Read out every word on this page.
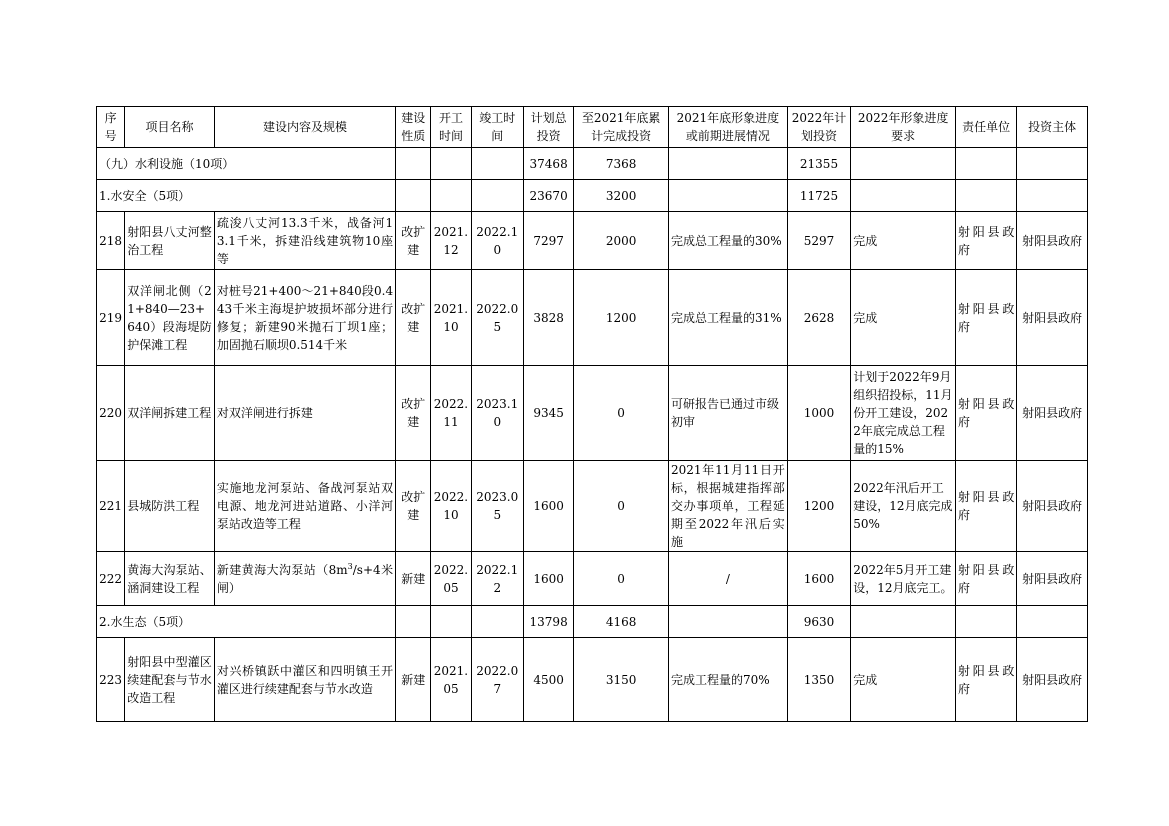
序号	项目名称	建设内容及规模	建设性质	开工时间	竣工时间	计划总投资	至2021年底累计完成投资	2021年底形象进度或前期进展情况	2022年计划投资	2022年形象进度要求	责任单位	投资主体
（九）水利设施（10项）						37468	7368		21355			
1.水安全（5项）						23670	3200		11725			
218	射阳县八丈河整治工程	疏浚八丈河13.3千米，战备河13.1千米，拆建沿线建筑物10座等	改扩建	2021.12	2022.10	7297	2000	完成总工程量的30%	5297	完成	射阳县政府	射阳县政府
219	双洋闸北侧（21+840—23+640）段海堤防护保滩工程	对桩号21+400～21+840段0.443千米主海堤护坡损坏部分进行修复；新建90米抛石丁坝1座；加固抛石顺坝0.514千米	改扩建	2021.10	2022.05	3828	1200	完成总工程量的31%	2628	完成	射阳县政府	射阳县政府
220	双洋闸拆建工程	对双洋闸进行拆建	改扩建	2022.11	2023.10	9345	0	可研报告已通过市级初审	1000	计划于2022年9月组织招投标，11月份开工建设，2022年底完成总工程量的15%	射阳县政府	射阳县政府
221	县城防洪工程	实施地龙河泵站、备战河泵站双电源、地龙河进站道路、小洋河泵站改造等工程	改扩建	2022.10	2023.05	1600	0	2021年11月11日开标，根据城建指挥部交办事项单，工程延期至2022年汛后实施	1200	2022年汛后开工建设，12月底完成50%	射阳县政府	射阳县政府
222	黄海大沟泵站、涵洞建设工程	新建黄海大沟泵站（$8m^3/s+4$米闸）	新建	2022.05	2022.12	1600	0	/	1600	2022年5月开工建设，12月底完工。	射阳县政府	射阳县政府
2.水生态（5项）						13798	4168		9630			
223	射阳县中型灌区续建配套与节水改造工程	对兴桥镇跃中灌区和四明镇王开灌区进行续建配套与节水改造	新建	2021.05	2022.07	4500	3150	完成工程量的70%	1350	完成	射阳县政府	射阳县政府
